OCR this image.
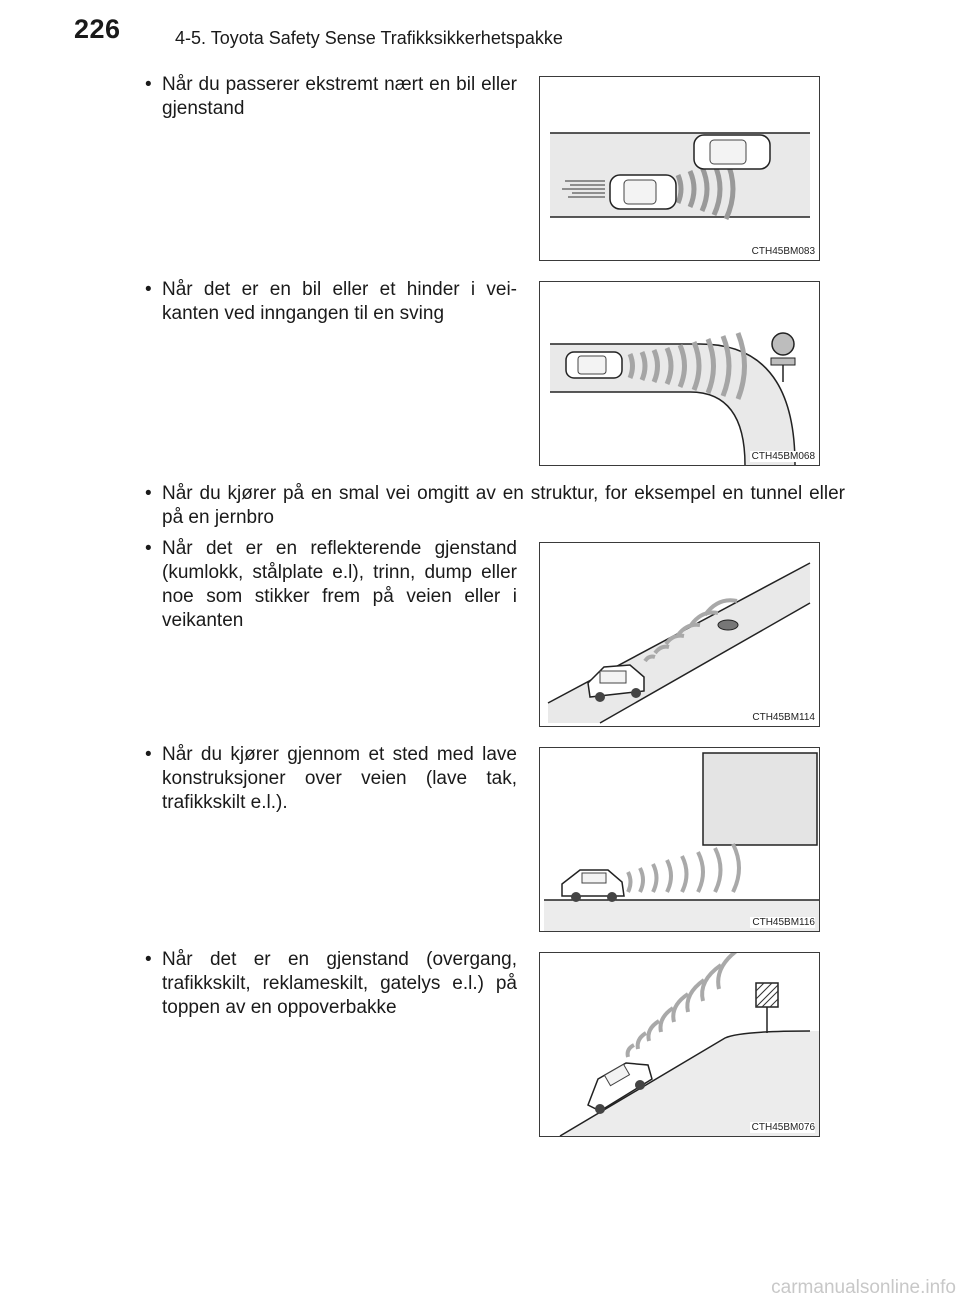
226	4-5. Toyota Safety Sense Trafikksikkerhetspakke
• Når du passerer ekstremt nært en bil eller gjenstand
CTH45BM083
• Når det er en bil eller et hinder i vei-kanten ved inngangen til en sving
CTH45BM068
• Når du kjører på en smal vei omgitt av en struktur, for eksempel en tunnel eller på en jernbro
• Når det er en reflekterende gjenstand (kumlokk, stålplate e.l), trinn, dump eller noe som stikker frem på veien eller i veikanten
CTH45BM114
• Når du kjører gjennom et sted med lave konstruksjoner over veien (lave tak, trafikkskilt e.l.).
CTH45BM116
• Når det er en gjenstand (overgang, trafikkskilt, reklameskilt, gatelys e.l.) på toppen av en oppoverbakke
CTH45BM076
carmanualsonline.info
